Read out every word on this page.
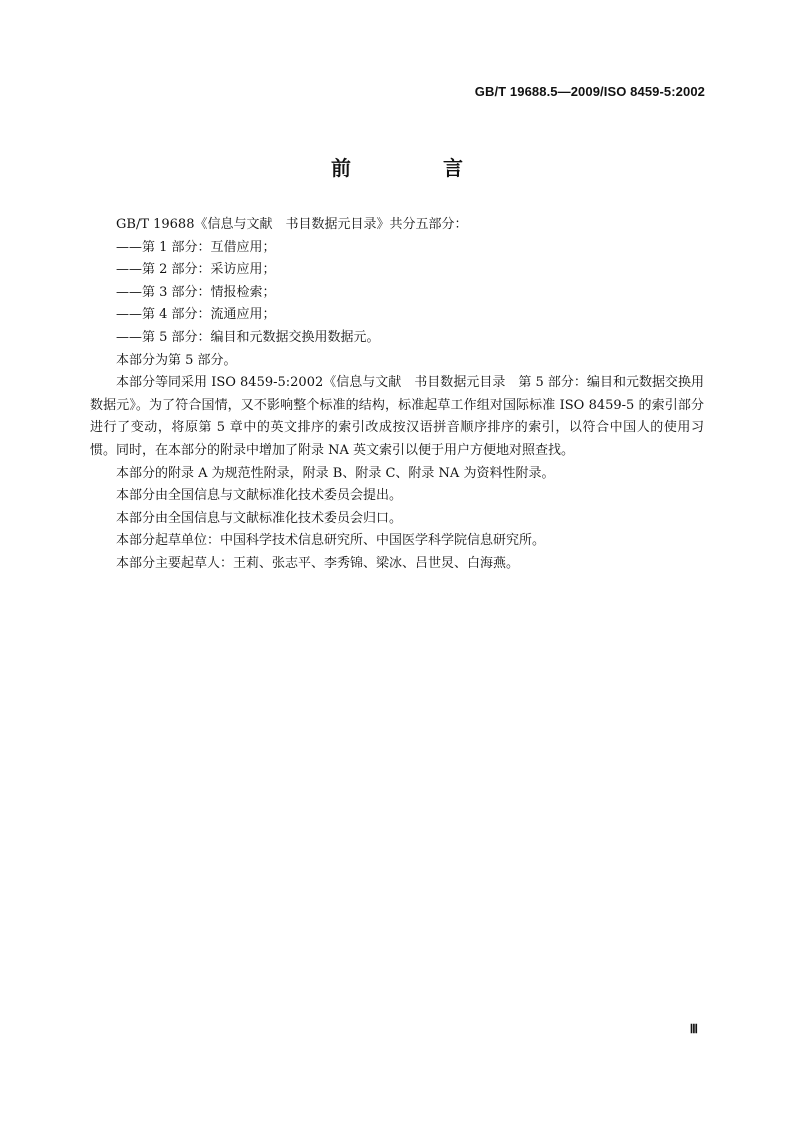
GB/T 19688.5—2009/ISO 8459-5:2002
前　言

GB/T 19688《信息与文献　书目数据元目录》共分五部分：

——第 1 部分：互借应用；

——第 2 部分：采访应用；

——第 3 部分：情报检索；

——第 4 部分：流通应用；

——第 5 部分：编目和元数据交换用数据元。

本部分为第 5 部分。

本部分等同采用 ISO 8459-5:2002《信息与文献　书目数据元目录　第 5 部分：编目和元数据交换用数据元》。为了符合国情，又不影响整个标准的结构，标准起草工作组对国际标准 ISO 8459-5 的索引部分进行了变动，将原第 5 章中的英文排序的索引改成按汉语拼音顺序排序的索引，以符合中国人的使用习惯。同时，在本部分的附录中增加了附录 NA 英文索引以便于用户方便地对照查找。

本部分的附录 A 为规范性附录，附录 B、附录 C、附录 NA 为资料性附录。

本部分由全国信息与文献标准化技术委员会提出。

本部分由全国信息与文献标准化技术委员会归口。

本部分起草单位：中国科学技术信息研究所、中国医学科学院信息研究所。

本部分主要起草人：王莉、张志平、李秀锦、梁冰、吕世炅、白海燕。

Ⅲ
